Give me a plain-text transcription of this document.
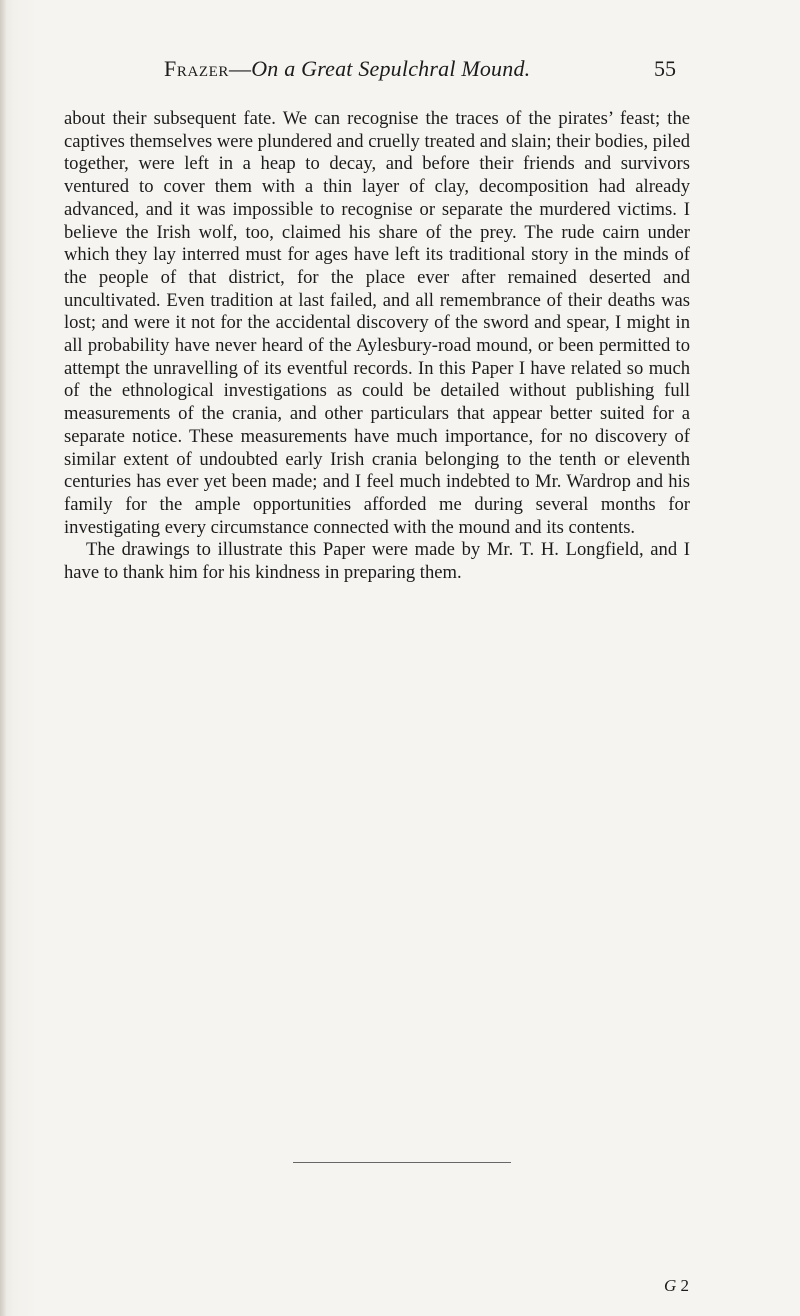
Frazer—On a Great Sepulchral Mound.	55

about their subsequent fate. We can recognise the traces of the pirates’ feast; the captives themselves were plundered and cruelly treated and slain; their bodies, piled together, were left in a heap to decay, and before their friends and survivors ventured to cover them with a thin layer of clay, decomposition had already advanced, and it was impossible to recognise or separate the murdered victims. I believe the Irish wolf, too, claimed his share of the prey. The rude cairn under which they lay interred must for ages have left its traditional story in the minds of the people of that district, for the place ever after remained deserted and uncultivated. Even tradition at last failed, and all remembrance of their deaths was lost; and were it not for the accidental discovery of the sword and spear, I might in all probability have never heard of the Aylesbury-road mound, or been permitted to attempt the unravelling of its eventful records. In this Paper I have related so much of the ethnological investigations as could be detailed without publishing full measurements of the crania, and other particulars that appear better suited for a separate notice. These measurements have much importance, for no discovery of similar extent of undoubted early Irish crania belonging to the tenth or eleventh centuries has ever yet been made; and I feel much indebted to Mr. Wardrop and his family for the ample opportunities afforded me during several months for investigating every circumstance connected with the mound and its contents.

The drawings to illustrate this Paper were made by Mr. T. H. Longfield, and I have to thank him for his kindness in preparing them.

G 2
